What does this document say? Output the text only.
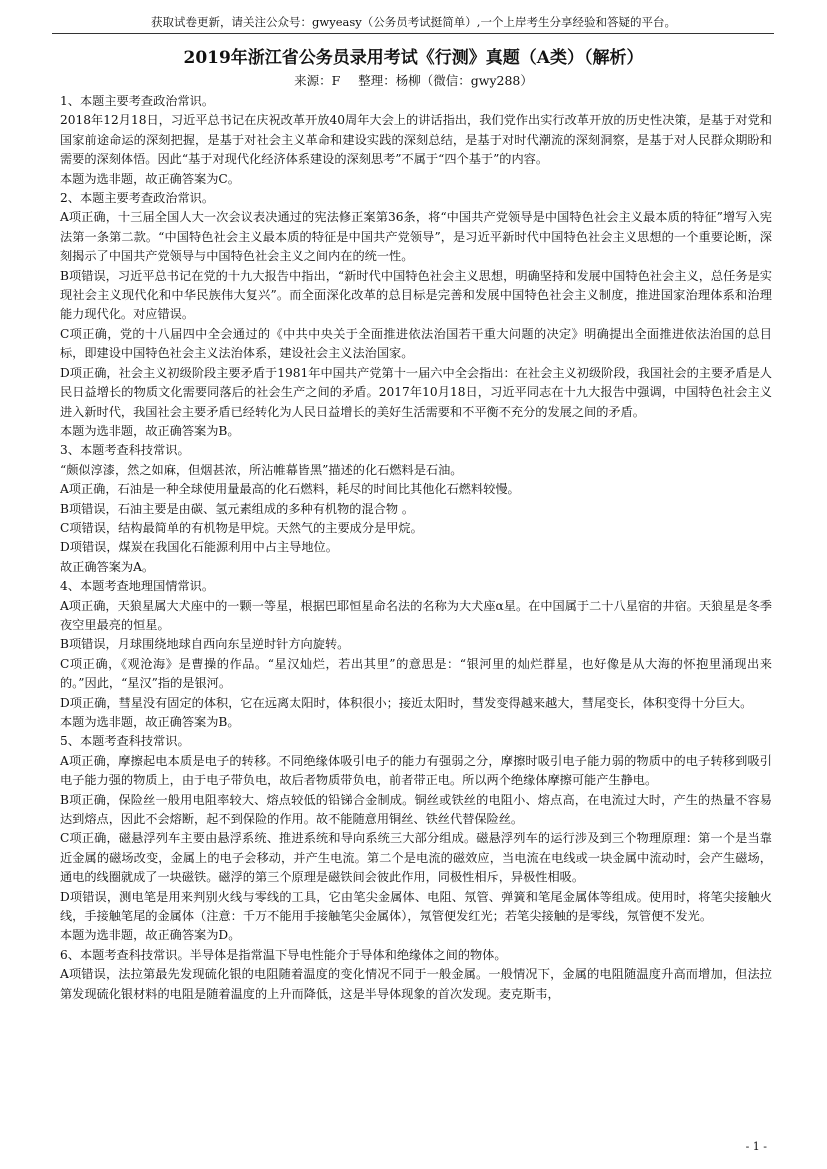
获取试卷更新，请关注公众号：gwyeasy（公务员考试挺简单）,一个上岸考生分享经验和答疑的平台。
2019年浙江省公务员录用考试《行测》真题（A类）（解析）
来源：F 整理：杨柳（微信：gwy288）

1、本题主要考查政治常识。

2018年12月18日，习近平总书记在庆祝改革开放40周年大会上的讲话指出，我们党作出实行改革开放的历史性决策，是基于对党和国家前途命运的深刻把握，是基于对社会主义革命和建设实践的深刻总结，是基于对时代潮流的深刻洞察，是基于对人民群众期盼和需要的深刻体悟。因此“基于对现代化经济体系建设的深刻思考”不属于“四个基于”的内容。

本题为选非题，故正确答案为C。

2、本题主要考查政治常识。

A项正确，十三届全国人大一次会议表决通过的宪法修正案第36条，将“中国共产党领导是中国特色社会主义最本质的特征”增写入宪法第一条第二款。“中国特色社会主义最本质的特征是中国共产党领导”，是习近平新时代中国特色社会主义思想的一个重要论断，深刻揭示了中国共产党领导与中国特色社会主义之间内在的统一性。

B项错误，习近平总书记在党的十九大报告中指出，“新时代中国特色社会主义思想，明确坚持和发展中国特色社会主义，总任务是实现社会主义现代化和中华民族伟大复兴”。而全面深化改革的总目标是完善和发展中国特色社会主义制度，推进国家治理体系和治理能力现代化。对应错误。

C项正确，党的十八届四中全会通过的《中共中央关于全面推进依法治国若干重大问题的决定》明确提出全面推进依法治国的总目标，即建设中国特色社会主义法治体系，建设社会主义法治国家。

D项正确，社会主义初级阶段主要矛盾于1981年中国共产党第十一届六中全会指出：在社会主义初级阶段，我国社会的主要矛盾是人民日益增长的物质文化需要同落后的社会生产之间的矛盾。2017年10月18日，习近平同志在十九大报告中强调，中国特色社会主义进入新时代，我国社会主要矛盾已经转化为人民日益增长的美好生活需要和不平衡不充分的发展之间的矛盾。

本题为选非题，故正确答案为B。

3、本题考查科技常识。

“颇似淳漆，然之如麻，但烟甚浓，所沾帷幕皆黑”描述的化石燃料是石油。

A项正确，石油是一种全球使用量最高的化石燃料，耗尽的时间比其他化石燃料较慢。

B项错误，石油主要是由碳、氢元素组成的多种有机物的混合物 。

C项错误，结构最简单的有机物是甲烷。天然气的主要成分是甲烷。

D项错误，煤炭在我国化石能源利用中占主导地位。

故正确答案为A。

4、本题考查地理国情常识。

A项正确，天狼星属大犬座中的一颗一等星，根据巴耶恒星命名法的名称为大犬座α星。在中国属于二十八星宿的井宿。天狼星是冬季夜空里最亮的恒星。

B项错误，月球围绕地球自西向东呈逆时针方向旋转。

C项正确，《观沧海》是曹操的作品。“星汉灿烂，若出其里”的意思是：“银河里的灿烂群星，也好像是从大海的怀抱里涌现出来的。”因此，“星汉”指的是银河。

D项正确，彗星没有固定的体积，它在远离太阳时，体积很小；接近太阳时，彗发变得越来越大，彗尾变长，体积变得十分巨大。

本题为选非题，故正确答案为B。

5、本题考查科技常识。

A项正确，摩擦起电本质是电子的转移。不同绝缘体吸引电子的能力有强弱之分，摩擦时吸引电子能力弱的物质中的电子转移到吸引电子能力强的物质上，由于电子带负电，故后者物质带负电，前者带正电。所以两个绝缘体摩擦可能产生静电。

B项正确，保险丝一般用电阻率较大、熔点较低的铅锑合金制成。铜丝或铁丝的电阻小、熔点高，在电流过大时，产生的热量不容易达到熔点，因此不会熔断，起不到保险的作用。故不能随意用铜丝、铁丝代替保险丝。

C项正确，磁悬浮列车主要由悬浮系统、推进系统和导向系统三大部分组成。磁悬浮列车的运行涉及到三个物理原理：第一个是当靠近金属的磁场改变，金属上的电子会移动，并产生电流。第二个是电流的磁效应，当电流在电线或一块金属中流动时，会产生磁场，通电的线圈就成了一块磁铁。磁浮的第三个原理是磁铁间会彼此作用，同极性相斥，异极性相吸。

D项错误，测电笔是用来判别火线与零线的工具，它由笔尖金属体、电阻、氖管、弹簧和笔尾金属体等组成。使用时，将笔尖接触火线，手接触笔尾的金属体（注意：千万不能用手接触笔尖金属体），氖管便发红光；若笔尖接触的是零线，氖管便不发光。

本题为选非题，故正确答案为D。

6、本题考查科技常识。半导体是指常温下导电性能介于导体和绝缘体之间的物体。

A项错误，法拉第最先发现硫化银的电阻随着温度的变化情况不同于一般金属。一般情况下，金属的电阻随温度升高而增加，但法拉第发现硫化银材料的电阻是随着温度的上升而降低，这是半导体现象的首次发现。麦克斯韦，

- 1 -
